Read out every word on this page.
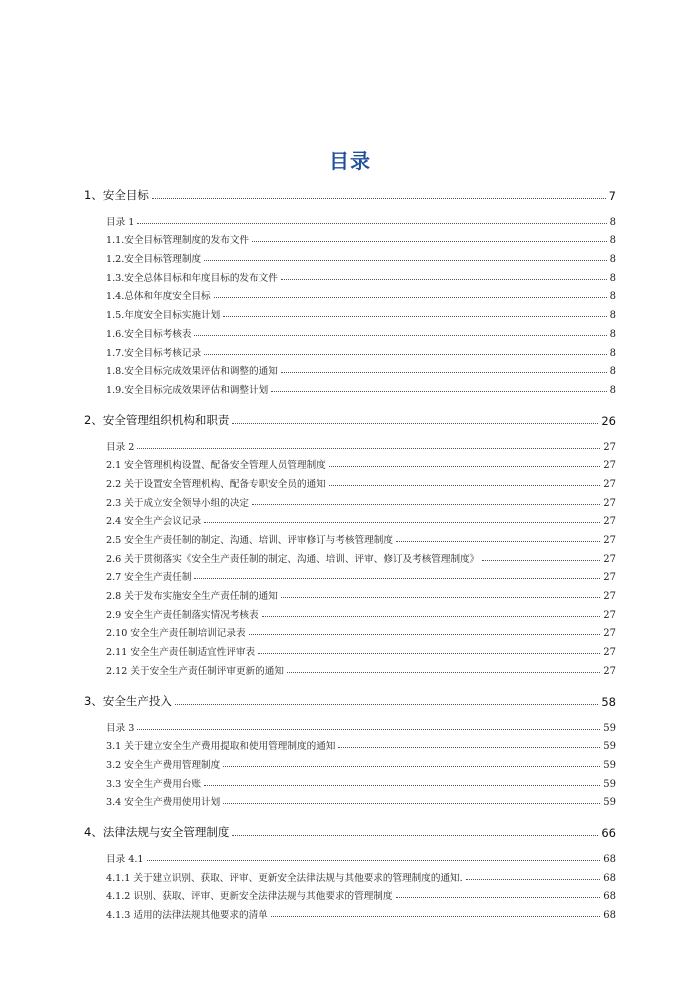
目录
1、安全目标	7
目录 1	8
1.1.安全目标管理制度的发布文件	8
1.2.安全目标管理制度	8
1.3.安全总体目标和年度目标的发布文件	8
1.4.总体和年度安全目标	8
1.5.年度安全目标实施计划	8
1.6.安全目标考核表	8
1.7.安全目标考核记录	8
1.8.安全目标完成效果评估和调整的通知	8
1.9.安全目标完成效果评估和调整计划	8
2、安全管理组织机构和职责	26
目录 2	27
2.1 安全管理机构设置、配备安全管理人员管理制度	27
2.2 关于设置安全管理机构、配备专职安全员的通知	27
2.3 关于成立安全领导小组的决定	27
2.4 安全生产会议记录	27
2.5 安全生产责任制的制定、沟通、培训、评审修订与考核管理制度	27
2.6 关于贯彻落实《安全生产责任制的制定、沟通、培训、评审、修订及考核管理制度》	27
2.7 安全生产责任制	27
2.8 关于发布实施安全生产责任制的通知	27
2.9 安全生产责任制落实情况考核表	27
2.10 安全生产责任制培训记录表	27
2.11 安全生产责任制适宜性评审表	27
2.12 关于安全生产责任制评审更新的通知	27
3、安全生产投入	58
目录 3	59
3.1 关于建立安全生产费用提取和使用管理制度的通知	59
3.2 安全生产费用管理制度	59
3.3 安全生产费用台账	59
3.4 安全生产费用使用计划	59
4、法律法规与安全管理制度	66
目录 4.1	68
4.1.1 关于建立识别、获取、评审、更新安全法律法规与其他要求的管理制度的通知.	68
4.1.2 识别、获取、评审、更新安全法律法规与其他要求的管理制度	68
4.1.3 适用的法律法规其他要求的清单	68
